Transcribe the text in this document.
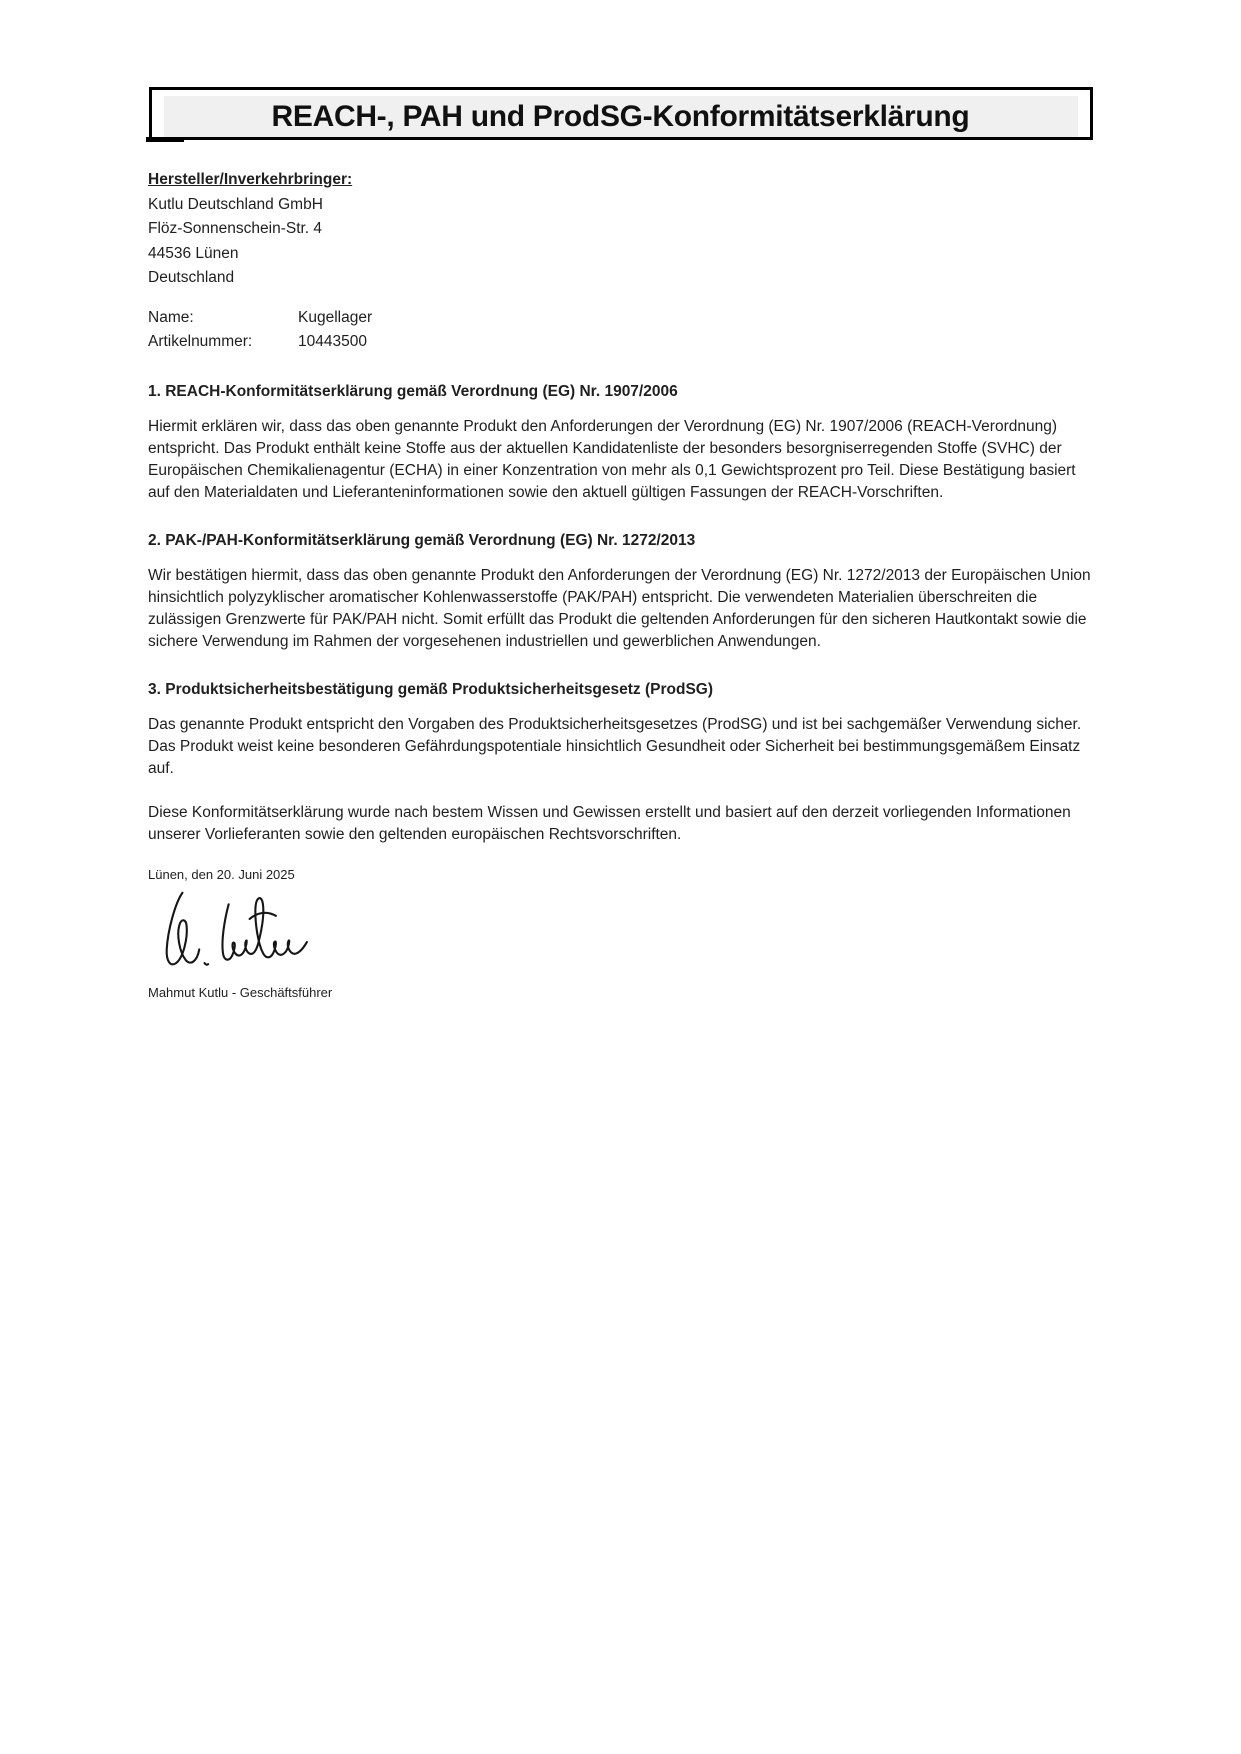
REACH-, PAH und ProdSG-Konformitätserklärung
Hersteller/Inverkehrbringer:
Kutlu Deutschland GmbH
Flöz-Sonnenschein-Str. 4
44536 Lünen
Deutschland
Name:	Kugellager
Artikelnummer:	10443500
1. REACH-Konformitätserklärung gemäß Verordnung (EG) Nr. 1907/2006

Hiermit erklären wir, dass das oben genannte Produkt den Anforderungen der Verordnung (EG) Nr. 1907/2006 (REACH-Verordnung) entspricht. Das Produkt enthält keine Stoffe aus der aktuellen Kandidatenliste der besonders besorgniserregenden Stoffe (SVHC) der Europäischen Chemikalienagentur (ECHA) in einer Konzentration von mehr als 0,1 Gewichtsprozent pro Teil. Diese Bestätigung basiert auf den Materialdaten und Lieferanteninformationen sowie den aktuell gültigen Fassungen der REACH-Vorschriften.

2. PAK-/PAH-Konformitätserklärung gemäß Verordnung (EG) Nr. 1272/2013

Wir bestätigen hiermit, dass das oben genannte Produkt den Anforderungen der Verordnung (EG) Nr. 1272/2013 der Europäischen Union hinsichtlich polyzyklischer aromatischer Kohlenwasserstoffe (PAK/PAH) entspricht. Die verwendeten Materialien überschreiten die zulässigen Grenzwerte für PAK/PAH nicht. Somit erfüllt das Produkt die geltenden Anforderungen für den sicheren Hautkontakt sowie die sichere Verwendung im Rahmen der vorgesehenen industriellen und gewerblichen Anwendungen.

3. Produktsicherheitsbestätigung gemäß Produktsicherheitsgesetz (ProdSG)

Das genannte Produkt entspricht den Vorgaben des Produktsicherheitsgesetzes (ProdSG) und ist bei sachgemäßer Verwendung sicher. Das Produkt weist keine besonderen Gefährdungspotentiale hinsichtlich Gesundheit oder Sicherheit bei bestimmungsgemäßem Einsatz auf.

Diese Konformitätserklärung wurde nach bestem Wissen und Gewissen erstellt und basiert auf den derzeit vorliegenden Informationen unserer Vorlieferanten sowie den geltenden europäischen Rechtsvorschriften.

Lünen, den 20. Juni 2025
Mahmut Kutlu - Geschäftsführer
